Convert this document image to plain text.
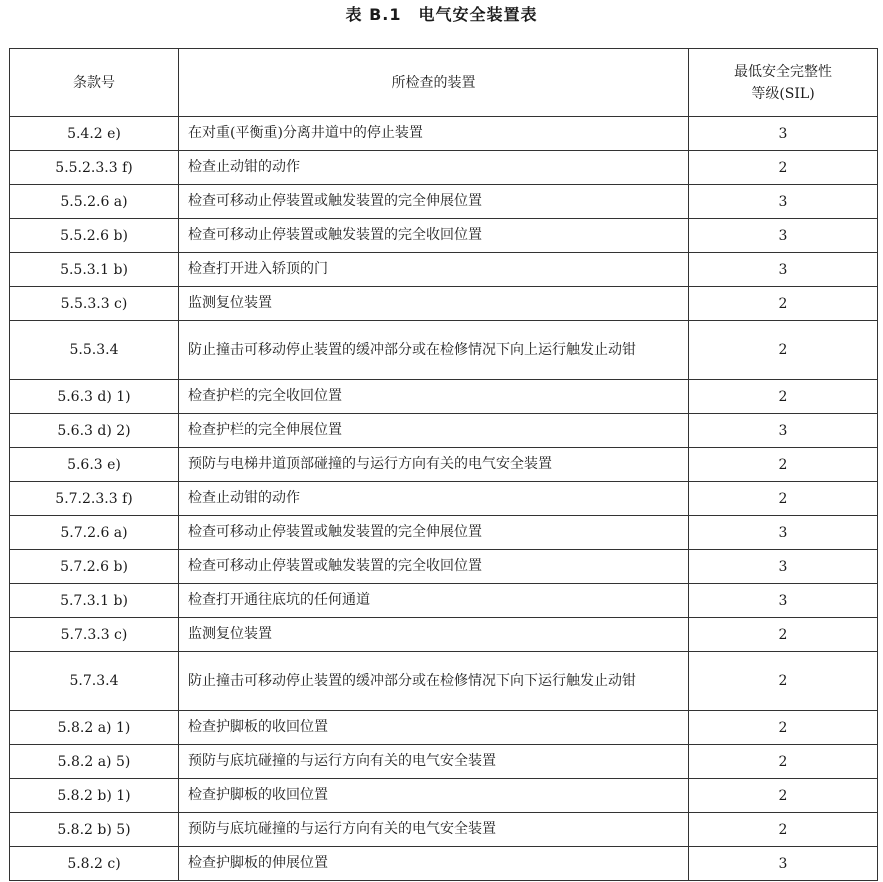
表 B.1　电气安全装置表
条款号	所检查的装置	最低安全完整性
等级(SIL)

5.4.2 e)	在对重(平衡重)分离井道中的停止装置	3
5.5.2.3.3 f)	检查止动钳的动作	2
5.5.2.6 a)	检查可移动止停装置或触发装置的完全伸展位置	3
5.5.2.6 b)	检查可移动止停装置或触发装置的完全收回位置	3
5.5.3.1 b)	检查打开进入轿顶的门	3
5.5.3.3 c)	监测复位装置	2
5.5.3.4	防止撞击可移动停止装置的缓冲部分或在检修情况下向上运行触发止动钳	2
5.6.3 d) 1)	检查护栏的完全收回位置	2
5.6.3 d) 2)	检查护栏的完全伸展位置	3
5.6.3 e)	预防与电梯井道顶部碰撞的与运行方向有关的电气安全装置	2
5.7.2.3.3 f)	检查止动钳的动作	2
5.7.2.6 a)	检查可移动止停装置或触发装置的完全伸展位置	3
5.7.2.6 b)	检查可移动止停装置或触发装置的完全收回位置	3
5.7.3.1 b)	检查打开通往底坑的任何通道	3
5.7.3.3 c)	监测复位装置	2
5.7.3.4	防止撞击可移动停止装置的缓冲部分或在检修情况下向下运行触发止动钳	2
5.8.2 a) 1)	检查护脚板的收回位置	2
5.8.2 a) 5)	预防与底坑碰撞的与运行方向有关的电气安全装置	2
5.8.2 b) 1)	检查护脚板的收回位置	2
5.8.2 b) 5)	预防与底坑碰撞的与运行方向有关的电气安全装置	2
5.8.2 c)	检查护脚板的伸展位置	3
